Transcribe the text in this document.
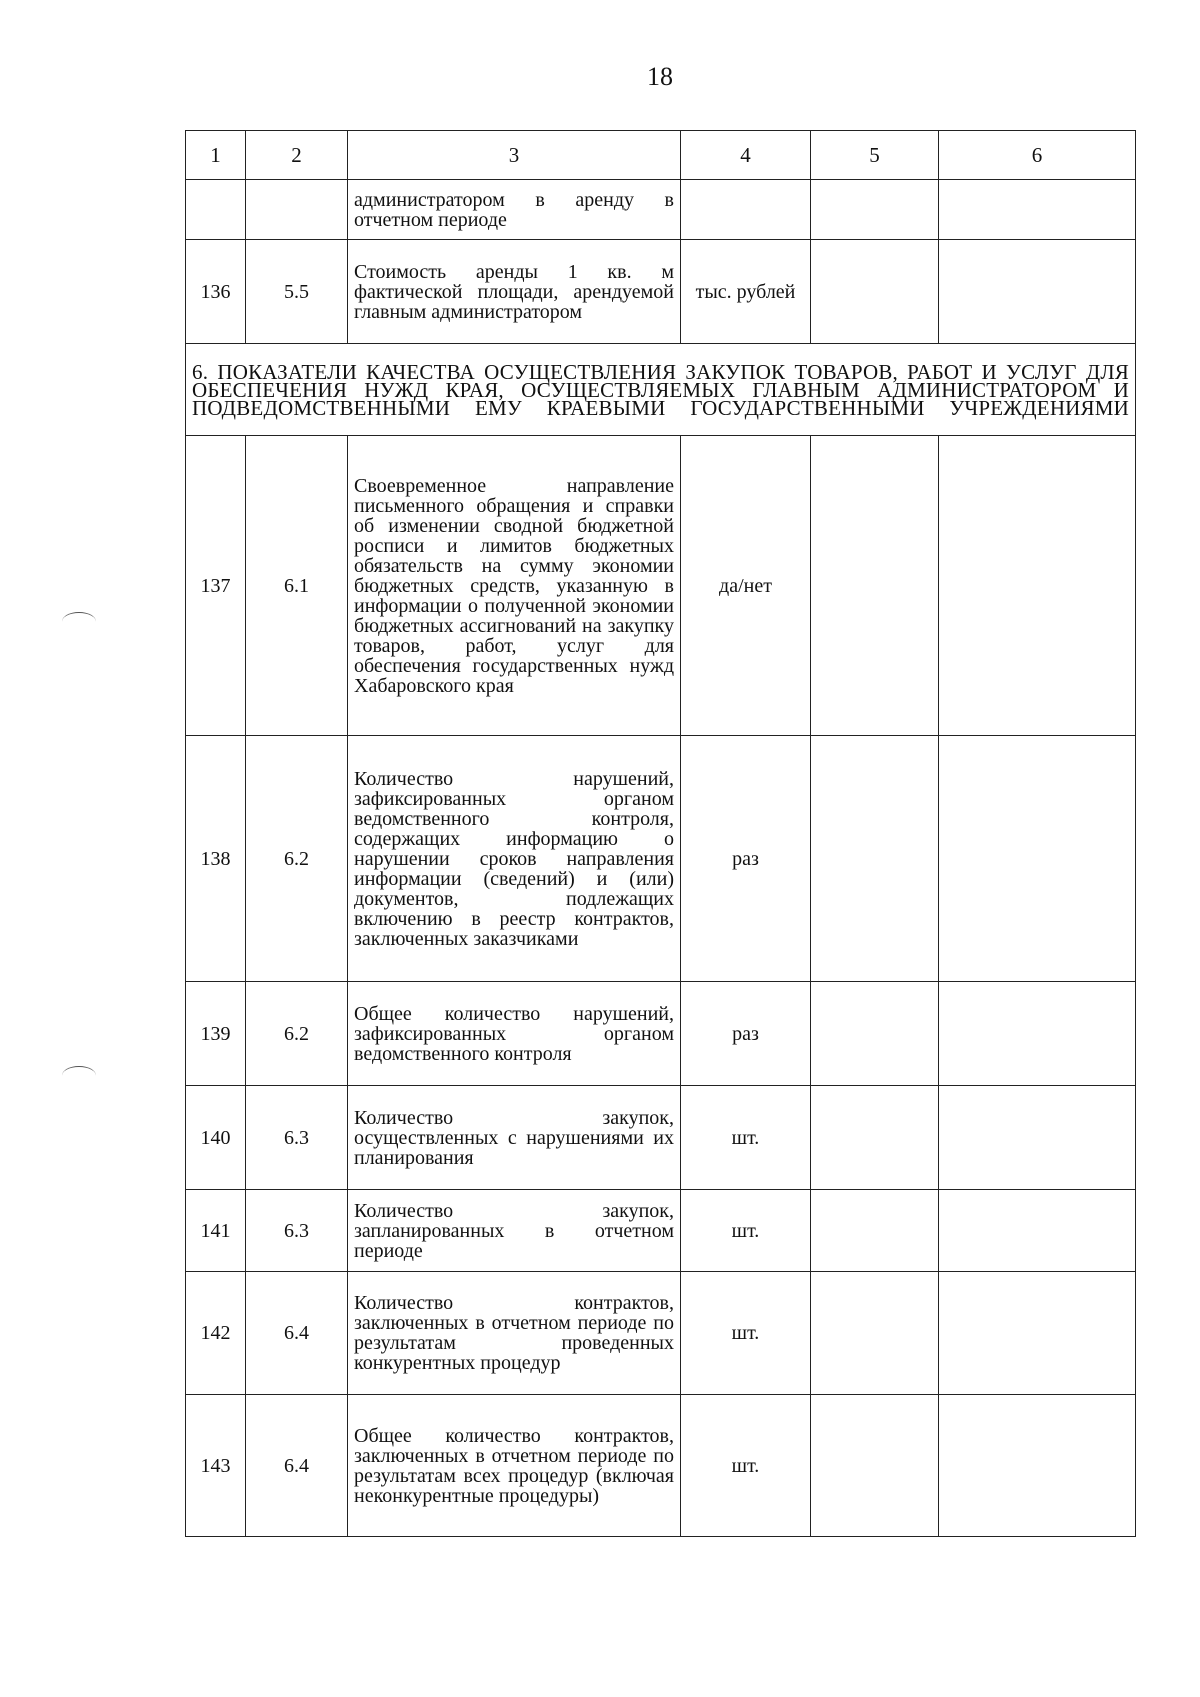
18
1	2	3	4	5	6
		администратором в аренду в отчетном периоде			
136	5.5	Стоимость аренды 1 кв. м фактической площади, арендуемой главным администратором	тыс. рублей		
6. ПОКАЗАТЕЛИ КАЧЕСТВА ОСУЩЕСТВЛЕНИЯ ЗАКУПОК ТОВАРОВ, РАБОТ И УСЛУГ ДЛЯ ОБЕСПЕЧЕНИЯ НУЖД КРАЯ, ОСУЩЕСТВЛЯЕМЫХ ГЛАВНЫМ АДМИНИСТРАТОРОМ И ПОДВЕДОМСТВЕННЫМИ ЕМУ КРАЕВЫМИ ГОСУДАРСТВЕННЫМИ УЧРЕЖДЕНИЯМИ					
137	6.1	Своевременное направление письменного обращения и справки об изменении сводной бюджетной росписи и лимитов бюджетных обязательств на сумму экономии бюджетных средств, указанную в информации о полученной экономии бюджетных ассигнований на закупку товаров, работ, услуг для обеспечения государственных нужд Хабаровского края	да/нет		
138	6.2	Количество нарушений, зафиксированных органом ведомственного контроля, содержащих информацию о нарушении сроков направления информации (сведений) и (или) документов, подлежащих включению в реестр контрактов, заключенных заказчиками	раз		
139	6.2	Общее количество нарушений, зафиксированных органом ведомственного контроля	раз		
140	6.3	Количество закупок, осуществленных с нарушениями их планирования	шт.		
141	6.3	Количество закупок, запланированных в отчетном периоде	шт.		
142	6.4	Количество контрактов, заключенных в отчетном периоде по результатам проведенных конкурентных процедур	шт.		
143	6.4	Общее количество контрактов, заключенных в отчетном периоде по результатам всех процедур (включая неконкурентные процедуры)	шт.		
